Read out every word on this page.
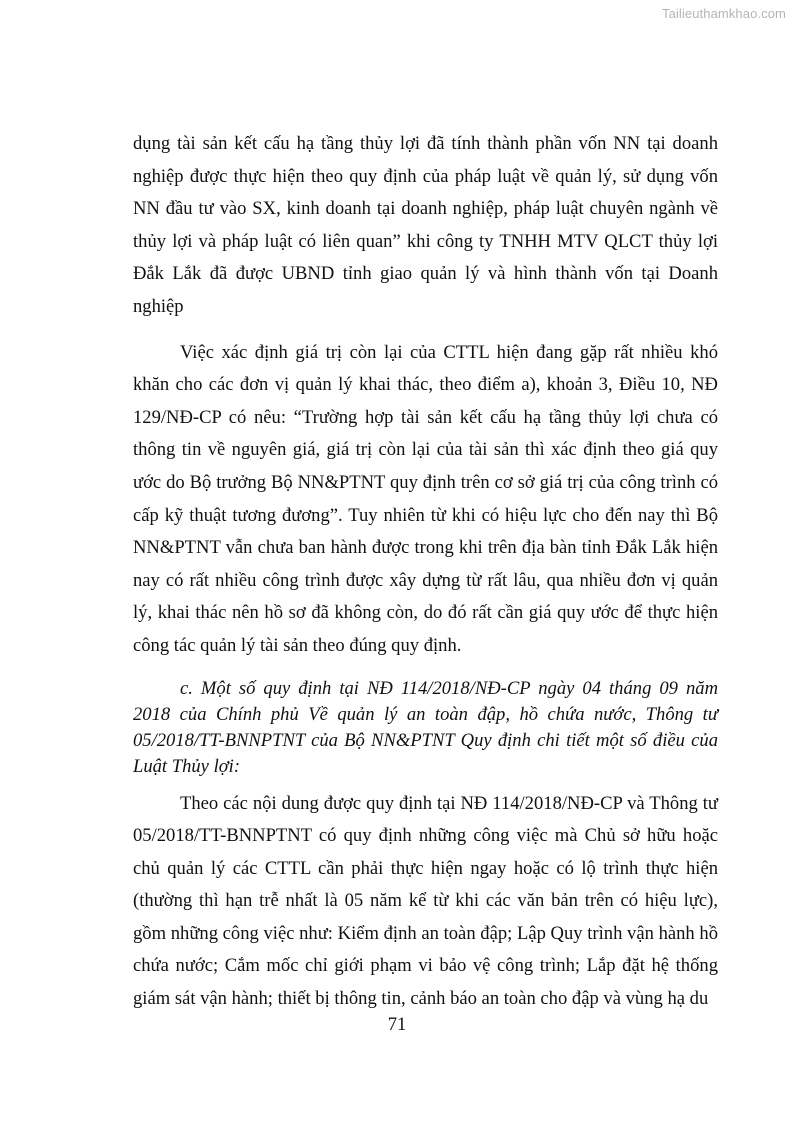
Tailieuthamkhao.com

dụng tài sản kết cấu hạ tầng thủy lợi đã tính thành phần vốn NN tại doanh nghiệp được thực hiện theo quy định của pháp luật về quản lý, sử dụng vốn NN đầu tư vào SX, kinh doanh tại doanh nghiệp, pháp luật chuyên ngành về thủy lợi và pháp luật có liên quan” khi công ty TNHH MTV QLCT thủy lợi Đắk Lắk đã được UBND tỉnh giao quản lý và hình thành vốn tại Doanh nghiệp

Việc xác định giá trị còn lại của CTTL hiện đang gặp rất nhiều khó khăn cho các đơn vị quản lý khai thác, theo điểm a), khoản 3, Điều 10, NĐ 129/NĐ-CP có nêu: “Trường hợp tài sản kết cấu hạ tầng thủy lợi chưa có thông tin về nguyên giá, giá trị còn lại của tài sản thì xác định theo giá quy ước do Bộ trưởng Bộ NN&PTNT quy định trên cơ sở giá trị của công trình có cấp kỹ thuật tương đương”. Tuy nhiên từ khi có hiệu lực cho đến nay thì Bộ NN&PTNT vẫn chưa ban hành được trong khi trên địa bàn tỉnh Đắk Lắk hiện nay có rất nhiều công trình được xây dựng từ rất lâu, qua nhiều đơn vị quản lý, khai thác nên hồ sơ đã không còn, do đó rất cần giá quy ước để thực hiện công tác quản lý tài sản theo đúng quy định.

c. Một số quy định tại NĐ 114/2018/NĐ-CP ngày 04 tháng 09 năm 2018 của Chính phủ Về quản lý an toàn đập, hồ chứa nước, Thông tư 05/2018/TT-BNNPTNT của Bộ NN&PTNT Quy định chi tiết một số điều của Luật Thủy lợi:

Theo các nội dung được quy định tại NĐ 114/2018/NĐ-CP và Thông tư 05/2018/TT-BNNPTNT có quy định những công việc mà Chủ sở hữu hoặc chủ quản lý các CTTL cần phải thực hiện ngay hoặc có lộ trình thực hiện (thường thì hạn trễ nhất là 05 năm kể từ khi các văn bản trên có hiệu lực), gồm những công việc như: Kiểm định an toàn đập; Lập Quy trình vận hành hồ chứa nước; Cắm mốc chỉ giới phạm vi bảo vệ công trình; Lắp đặt hệ thống giám sát vận hành; thiết bị thông tin, cảnh báo an toàn cho đập và vùng hạ du

71
